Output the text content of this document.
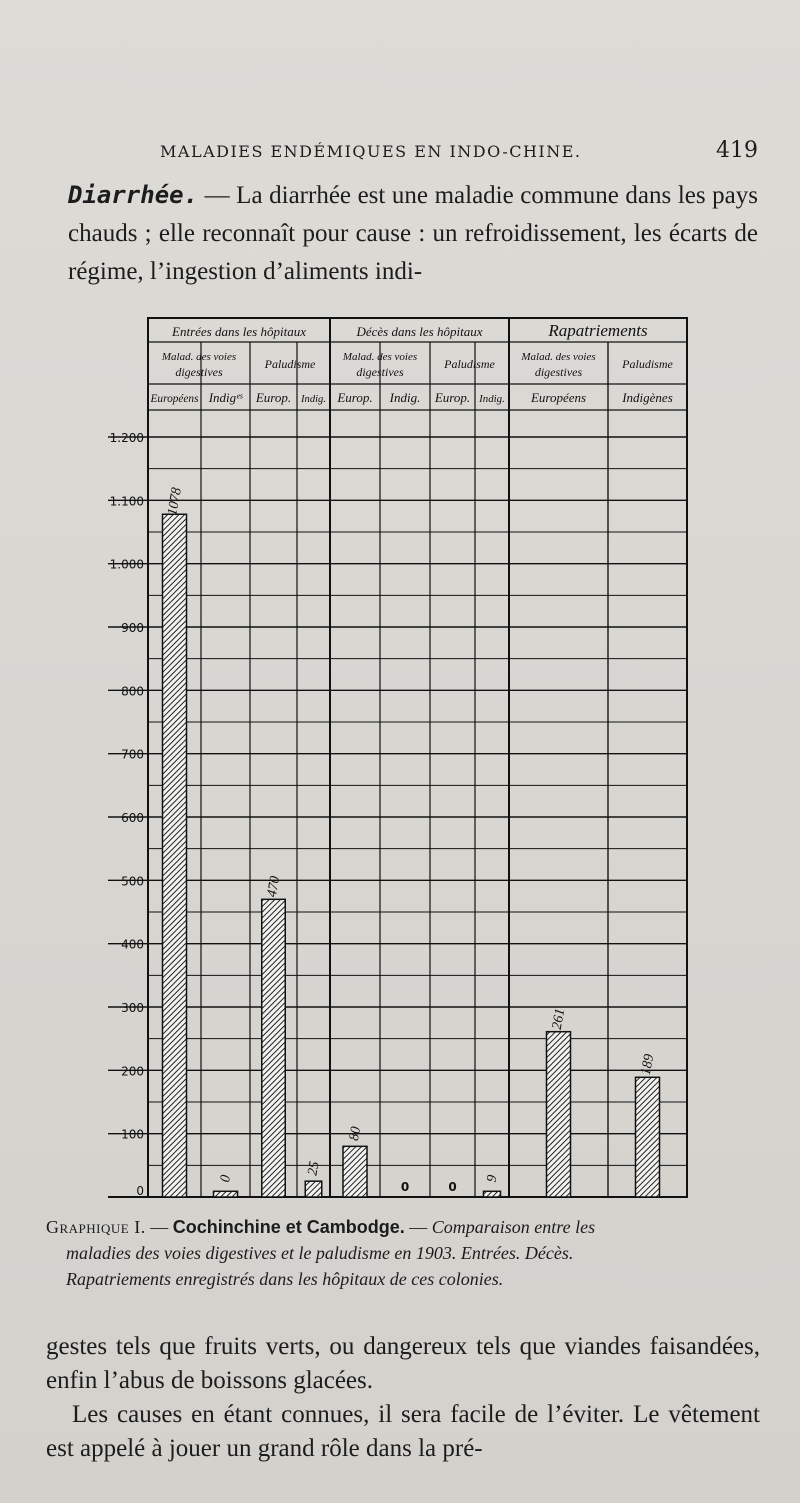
MALADIES ENDÉMIQUES EN INDO-CHINE.	419
Diarrhée. — La diarrhée est une maladie commune dans les pays chauds ; elle reconnaît pour cause : un refroidissement, les écarts de régime, l’ingestion d’aliments indi-
Entrées dans les hôpitaux
Malad. des voies
digestives
Européens Indigᵉˢ
Paludisme
Europ. Indig.
Décès dans les hôpitaux
Malad. des voies
digestives
Europ. Indig.
Paludisme
Europ. Indig.
Rapatriements
Malad. des voies
digestives
Européens
Paludisme
Indigènes
100
200
300
400
500
600
700
800
900
1.000
1.100
1.200
0
1078
0
470
25
80
0	0
9
261
189
Graphique I. — Cochinchine et Cambodge. — Comparaison entre les
maladies des voies digestives et le paludisme en 1903. Entrées. Décès.
Rapatriements enregistrés dans les hôpitaux de ces colonies.

gestes tels que fruits verts, ou dangereux tels que viandes faisandées, enfin l’abus de boissons glacées.

Les causes en étant connues, il sera facile de l’éviter. Le vêtement est appelé à jouer un grand rôle dans la pré-
